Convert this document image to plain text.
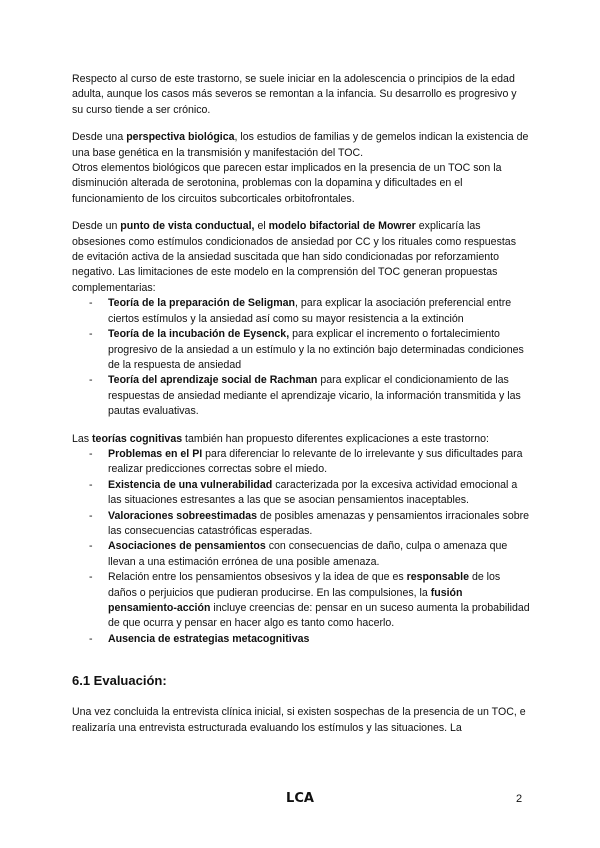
Respecto al curso de este trastorno, se suele iniciar en la adolescencia o principios de la edad adulta, aunque los casos más severos se remontan a la infancia. Su desarrollo es progresivo y su curso tiende a ser crónico.

Desde una perspectiva biológica, los estudios de familias y de gemelos indican la existencia de una base genética en la transmisión y manifestación del TOC.
Otros elementos biológicos que parecen estar implicados en la presencia de un TOC son la disminución alterada de serotonina, problemas con la dopamina y dificultades en el funcionamiento de los circuitos subcorticales orbitofrontales.

Desde un punto de vista conductual, el modelo bifactorial de Mowrer explicaría las obsesiones como estímulos condicionados de ansiedad por CC y los rituales como respuestas de evitación activa de la ansiedad suscitada que han sido condicionadas por reforzamiento negativo. Las limitaciones de este modelo en la comprensión del TOC generan propuestas complementarias:

- Teoría de la preparación de Seligman, para explicar la asociación preferencial entre ciertos estímulos y la ansiedad así como su mayor resistencia a la extinción
- Teoría de la incubación de Eysenck, para explicar el incremento o fortalecimiento progresivo de la ansiedad a un estímulo y la no extinción bajo determinadas condiciones de la respuesta de ansiedad
- Teoría del aprendizaje social de Rachman para explicar el condicionamiento de las respuestas de ansiedad mediante el aprendizaje vicario, la información transmitida y las pautas evaluativas.

Las teorías cognitivas también han propuesto diferentes explicaciones a este trastorno:

- Problemas en el PI para diferenciar lo relevante de lo irrelevante y sus dificultades para realizar predicciones correctas sobre el miedo.
- Existencia de una vulnerabilidad caracterizada por la excesiva actividad emocional a las situaciones estresantes a las que se asocian pensamientos inaceptables.
- Valoraciones sobreestimadas de posibles amenazas y pensamientos irracionales sobre las consecuencias catastróficas esperadas.
- Asociaciones de pensamientos con consecuencias de daño, culpa o amenaza que llevan a una estimación errónea de una posible amenaza.
- Relación entre los pensamientos obsesivos y la idea de que es responsable de los daños o perjuicios que pudieran producirse. En las compulsiones, la fusión pensamiento-acción incluye creencias de: pensar en un suceso aumenta la probabilidad de que ocurra y pensar en hacer algo es tanto como hacerlo.
- Ausencia de estrategias metacognitivas
6.1 Evaluación:

Una vez concluida la entrevista clínica inicial, si existen sospechas de la presencia de un TOC, e realizaría una entrevista estructurada evaluando los estímulos y las situaciones. La

LCA	2
